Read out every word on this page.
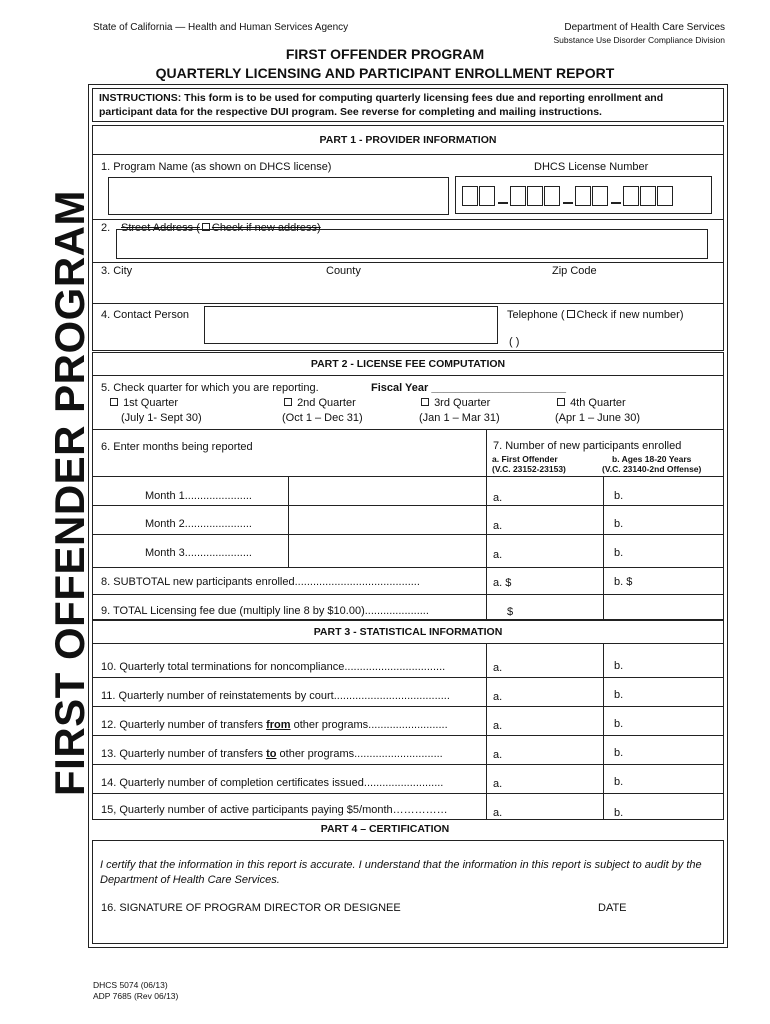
State of California — Health and Human Services Agency	Department of Health Care Services
Substance Use Disorder Compliance Division
FIRST OFFENDER PROGRAM
QUARTERLY LICENSING AND PARTICIPANT ENROLLMENT REPORT
FIRST OFFENDER PROGRAM
INSTRUCTIONS: This form is to be used for computing quarterly licensing fees due and reporting enrollment and participant data for the respective DUI program. See reverse for completing and mailing instructions.
PART 1 - PROVIDER INFORMATION
1. Program Name (as shown on DHCS license)	DHCS License Number
2. Street Address ( Check if new address)
3. City	County	Zip Code
4. Contact Person	Telephone ( Check if new number)
( )
PART 2 - LICENSE FEE COMPUTATION
5. Check quarter for which you are reporting.	Fiscal Year ______________________
1st Quarter
(July 1- Sept 30)
2nd Quarter
(Oct 1 – Dec 31)
3rd Quarter
(Jan 1 – Mar 31)
4th Quarter
(Apr 1 – June 30)
6. Enter months being reported	7. Number of new participants enrolled
a. First Offender
(V.C. 23152-23153)
b. Ages 18-20 Years
(V.C. 23140-2nd Offense)
Month 1......................	a.	b.
Month 2......................	a.	b.
Month 3......................	a.	b.
8. SUBTOTAL new participants enrolled.........................................	a. $	b. $
9. TOTAL Licensing fee due (multiply line 8 by $10.00).....................	$
PART 3 - STATISTICAL INFORMATION
10. Quarterly total terminations for noncompliance.................................	a.	b.
11. Quarterly number of reinstatements by court......................................	a.	b.
12. Quarterly number of transfers from other programs..........................	a.	b.
13. Quarterly number of transfers to other programs.............................	a.	b.
14. Quarterly number of completion certificates issued..........................	a.	b.
15, Quarterly number of active participants paying $5/month……………	a.	b.
PART 4 – CERTIFICATION
I certify that the information in this report is accurate. I understand that the information in this report is subject to audit by the Department of Health Care Services.
16. SIGNATURE OF PROGRAM DIRECTOR OR DESIGNEE	DATE
DHCS 5074 (06/13)
ADP 7685 (Rev 06/13)
